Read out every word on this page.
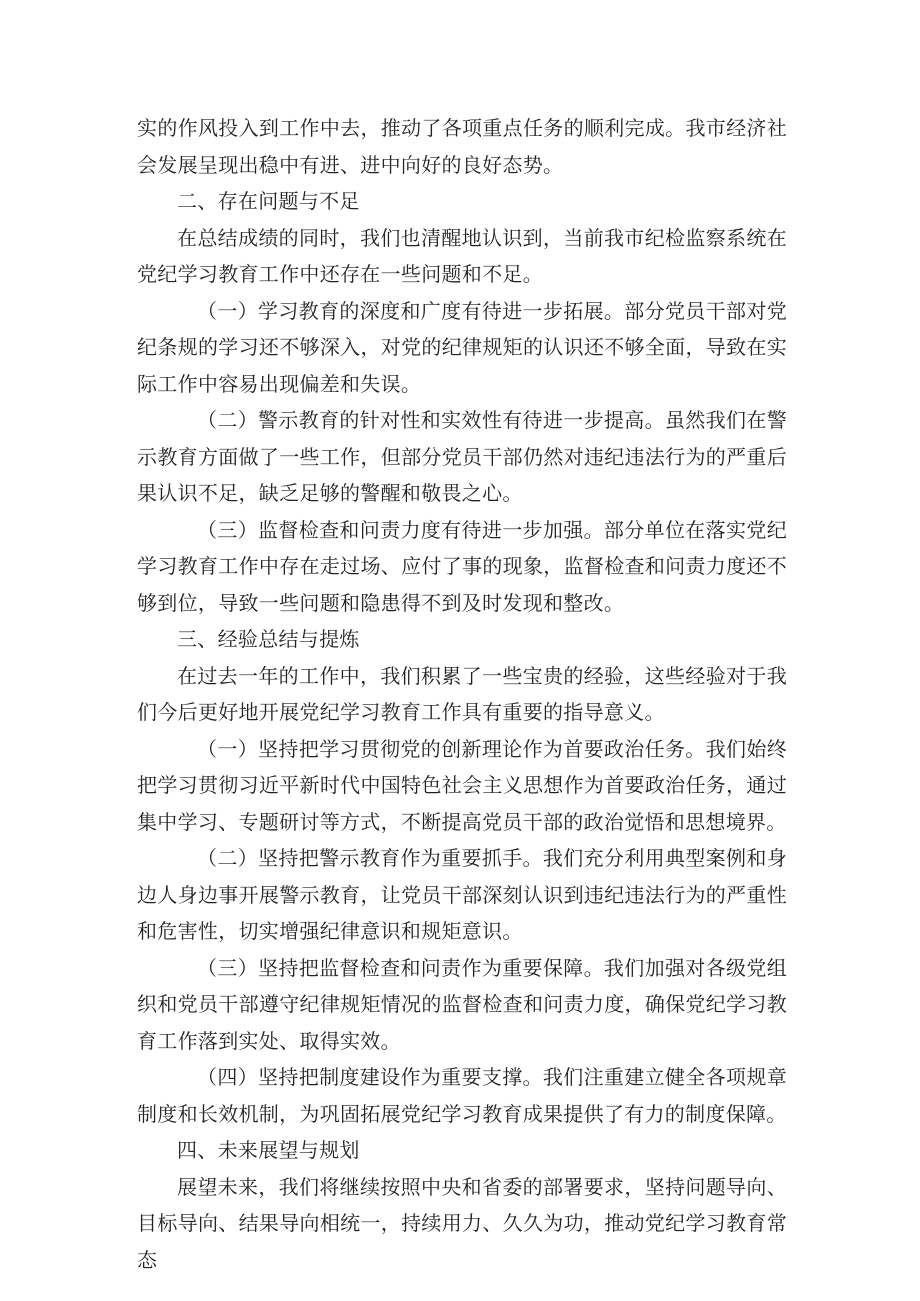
实的作风投入到工作中去，推动了各项重点任务的顺利完成。我市经济社会发展呈现出稳中有进、进中向好的良好态势。

二、存在问题与不足

在总结成绩的同时，我们也清醒地认识到，当前我市纪检监察系统在党纪学习教育工作中还存在一些问题和不足。

（一）学习教育的深度和广度有待进一步拓展。部分党员干部对党纪条规的学习还不够深入，对党的纪律规矩的认识还不够全面，导致在实际工作中容易出现偏差和失误。

（二）警示教育的针对性和实效性有待进一步提高。虽然我们在警示教育方面做了一些工作，但部分党员干部仍然对违纪违法行为的严重后果认识不足，缺乏足够的警醒和敬畏之心。

（三）监督检查和问责力度有待进一步加强。部分单位在落实党纪学习教育工作中存在走过场、应付了事的现象，监督检查和问责力度还不够到位，导致一些问题和隐患得不到及时发现和整改。

三、经验总结与提炼

在过去一年的工作中，我们积累了一些宝贵的经验，这些经验对于我们今后更好地开展党纪学习教育工作具有重要的指导意义。

（一）坚持把学习贯彻党的创新理论作为首要政治任务。我们始终把学习贯彻习近平新时代中国特色社会主义思想作为首要政治任务，通过集中学习、专题研讨等方式，不断提高党员干部的政治觉悟和思想境界。

（二）坚持把警示教育作为重要抓手。我们充分利用典型案例和身边人身边事开展警示教育，让党员干部深刻认识到违纪违法行为的严重性和危害性，切实增强纪律意识和规矩意识。

（三）坚持把监督检查和问责作为重要保障。我们加强对各级党组织和党员干部遵守纪律规矩情况的监督检查和问责力度，确保党纪学习教育工作落到实处、取得实效。

（四）坚持把制度建设作为重要支撑。我们注重建立健全各项规章制度和长效机制，为巩固拓展党纪学习教育成果提供了有力的制度保障。

四、未来展望与规划

展望未来，我们将继续按照中央和省委的部署要求，坚持问题导向、目标导向、结果导向相统一，持续用力、久久为功，推动党纪学习教育常态
